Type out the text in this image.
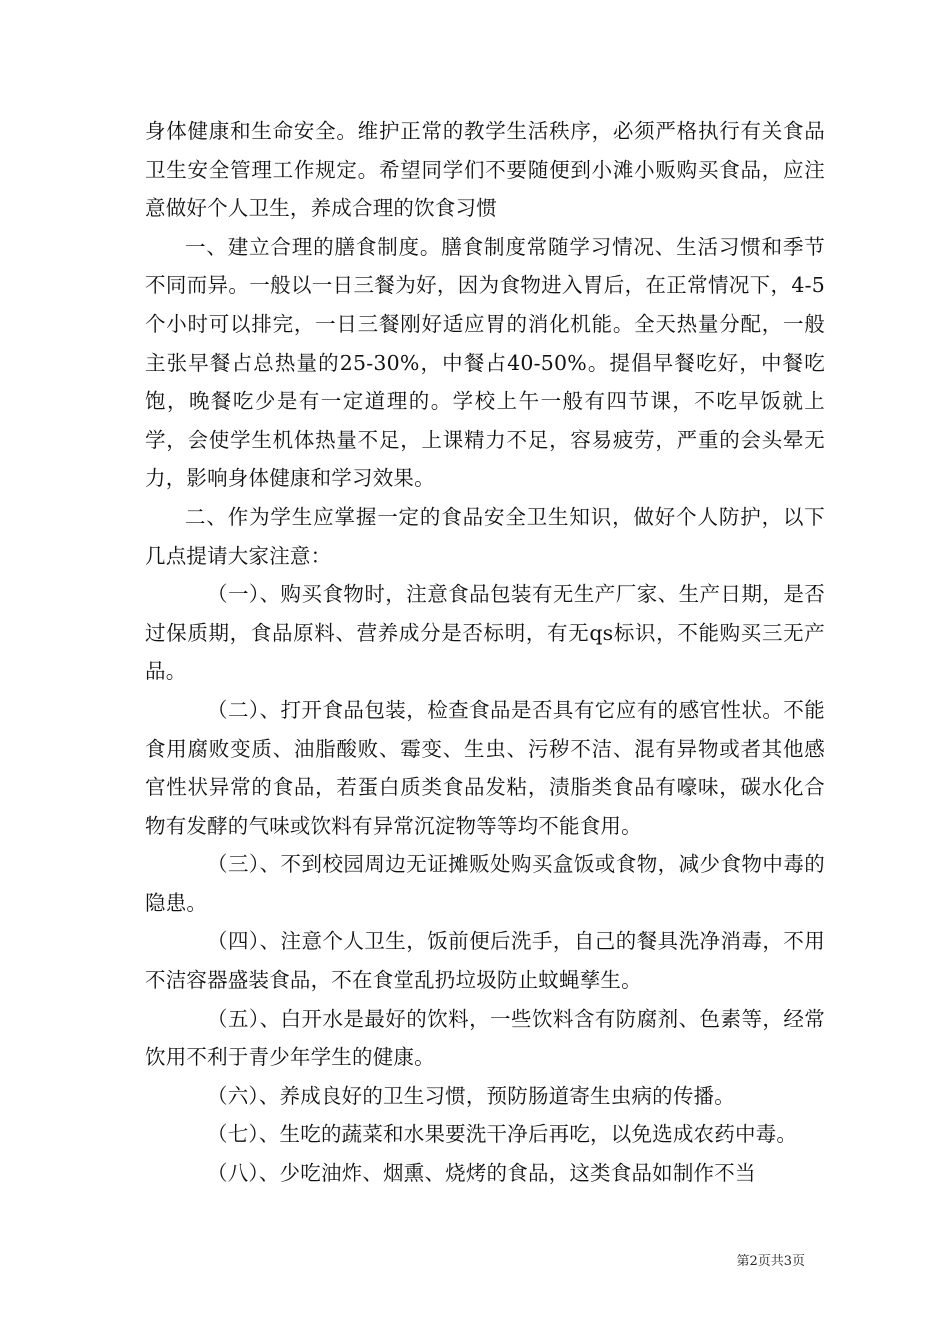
身体健康和生命安全。维护正常的教学生活秩序，必须严格执行有关食品卫生安全管理工作规定。希望同学们不要随便到小滩小贩购买食品，应注意做好个人卫生，养成合理的饮食习惯

一、建立合理的膳食制度。膳食制度常随学习情况、生活习惯和季节不同而异。一般以一日三餐为好，因为食物进入胃后，在正常情况下，4-5个小时可以排完，一日三餐刚好适应胃的消化机能。全天热量分配，一般主张早餐占总热量的25-30%，中餐占40-50%。提倡早餐吃好，中餐吃饱，晚餐吃少是有一定道理的。学校上午一般有四节课，不吃早饭就上学，会使学生机体热量不足，上课精力不足，容易疲劳，严重的会头晕无力，影响身体健康和学习效果。

二、作为学生应掌握一定的食品安全卫生知识，做好个人防护，以下几点提请大家注意：

（一）、购买食物时，注意食品包装有无生产厂家、生产日期，是否过保质期，食品原料、营养成分是否标明，有无qs标识，不能购买三无产品。

（二）、打开食品包装，检查食品是否具有它应有的感官性状。不能食用腐败变质、油脂酸败、霉变、生虫、污秽不洁、混有异物或者其他感官性状异常的食品，若蛋白质类食品发粘，渍脂类食品有嚎味，碳水化合物有发酵的气味或饮料有异常沉淀物等等均不能食用。

（三）、不到校园周边无证摊贩处购买盒饭或食物，减少食物中毒的隐患。

（四）、注意个人卫生，饭前便后洗手，自己的餐具洗净消毒，不用不洁容器盛装食品，不在食堂乱扔垃圾防止蚊蝇孳生。

（五）、白开水是最好的饮料，一些饮料含有防腐剂、色素等，经常饮用不利于青少年学生的健康。

（六）、养成良好的卫生习惯，预防肠道寄生虫病的传播。

（七）、生吃的蔬菜和水果要洗干净后再吃，以免选成农药中毒。

（八）、少吃油炸、烟熏、烧烤的食品，这类食品如制作不当

第2页共3页
